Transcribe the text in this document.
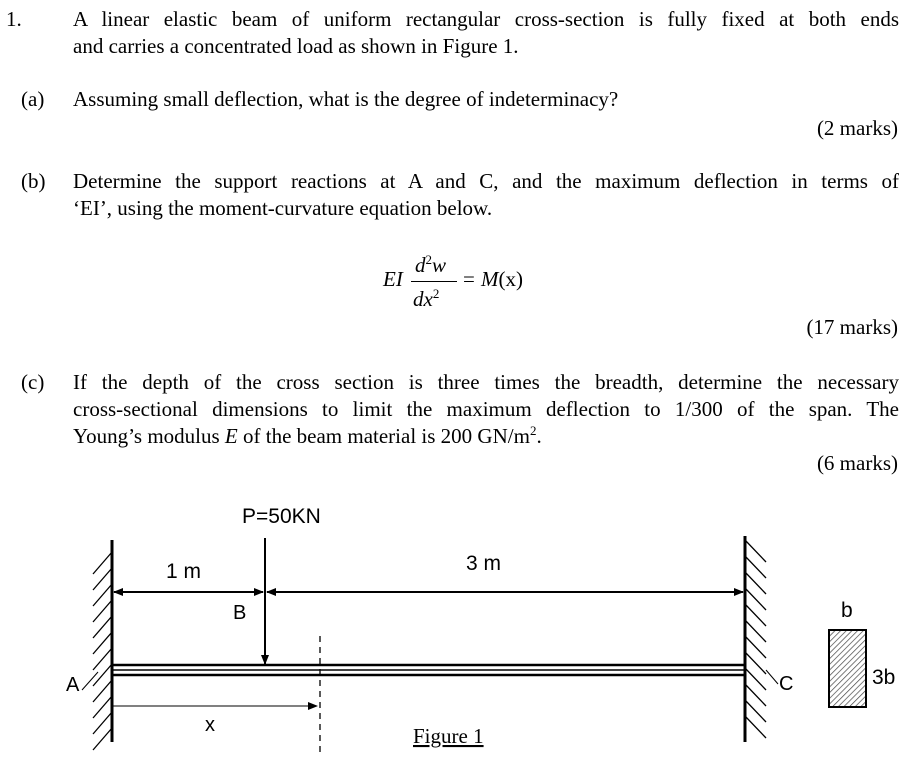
1. A linear elastic beam of uniform rectangular cross-section is fully fixed at both ends
and carries a concentrated load as shown in Figure 1.
(a) Assuming small deflection, what is the degree of indeterminacy?
(2 marks)
(b) Determine the support reactions at A and C, and the maximum deflection in terms of
‘EI’, using the moment-curvature equation below.
EI
$d^2w$
$dx^2$
= M(x)
(17 marks)
(c) If the depth of the cross section is three times the breadth, determine the necessary
cross-sectional dimensions to limit the maximum deflection to 1/300 of the span. The
Young’s modulus E of the beam material is 200 $GN/m^2$.
(6 marks)
P=50KN
1 m	3 m
B
A	C
x	Figure 1
b
3b
